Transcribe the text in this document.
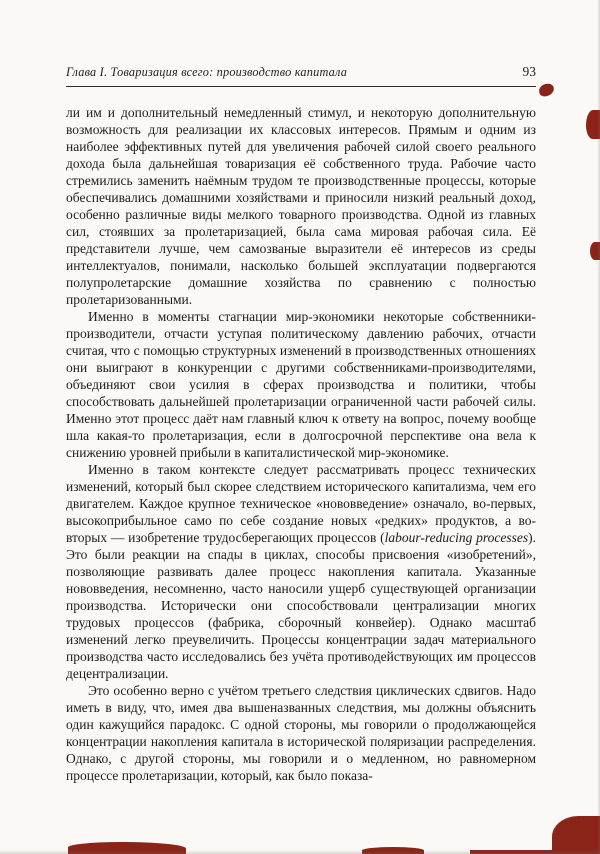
Глава I. Товаризация всего: производство капитала	93

ли им и дополнительный немедленный стимул, и некоторую дополнительную возможность для реализации их классовых интересов. Прямым и одним из наиболее эффективных путей для увеличения рабочей силой своего реального дохода была дальнейшая товаризация её собственного труда. Рабочие часто стремились заменить наёмным трудом те производственные процессы, которые обеспечивались домашними хозяйствами и приносили низкий реальный доход, особенно различные виды мелкого товарного производства. Одной из главных сил, стоявших за пролетаризацией, была сама мировая рабочая сила. Её представители лучше, чем самозваные выразители её интересов из среды интеллектуалов, понимали, насколько большей эксплуатации подвергаются полупролетарские домашние хозяйства по сравнению с полностью пролетаризованными.

Именно в моменты стагнации мир-экономики некоторые собственники-производители, отчасти уступая политическому давлению рабочих, отчасти считая, что с помощью структурных изменений в производственных отношениях они выиграют в конкуренции с другими собственниками-производителями, объединяют свои усилия в сферах производства и политики, чтобы способствовать дальнейшей пролетаризации ограниченной части рабочей силы. Именно этот процесс даёт нам главный ключ к ответу на вопрос, почему вообще шла какая-то пролетаризация, если в долгосрочной перспективе она вела к снижению уровней прибыли в капиталистической мир-экономике.

Именно в таком контексте следует рассматривать процесс технических изменений, который был скорее следствием исторического капитализма, чем его двигателем. Каждое крупное техническое «нововведение» означало, во-первых, высокоприбыльное само по себе создание новых «редких» продуктов, а во-вторых — изобретение трудосберегающих процессов (labour-reducing processes). Это были реакции на спады в циклах, способы присвоения «изобретений», позволяющие развивать далее процесс накопления капитала. Указанные нововведения, несомненно, часто наносили ущерб существующей организации производства. Исторически они способствовали централизации многих трудовых процессов (фабрика, сборочный конвейер). Однако масштаб изменений легко преувеличить. Процессы концентрации задач материального производства часто исследовались без учёта противодействующих им процессов децентрализации.

Это особенно верно с учётом третьего следствия циклических сдвигов. Надо иметь в виду, что, имея два вышеназванных следствия, мы должны объяснить один кажущийся парадокс. С одной стороны, мы говорили о продолжающейся концентрации накопления капитала в исторической поляризации распределения. Однако, с другой стороны, мы говорили и о медленном, но равномерном процессе пролетаризации, который, как было показа-
